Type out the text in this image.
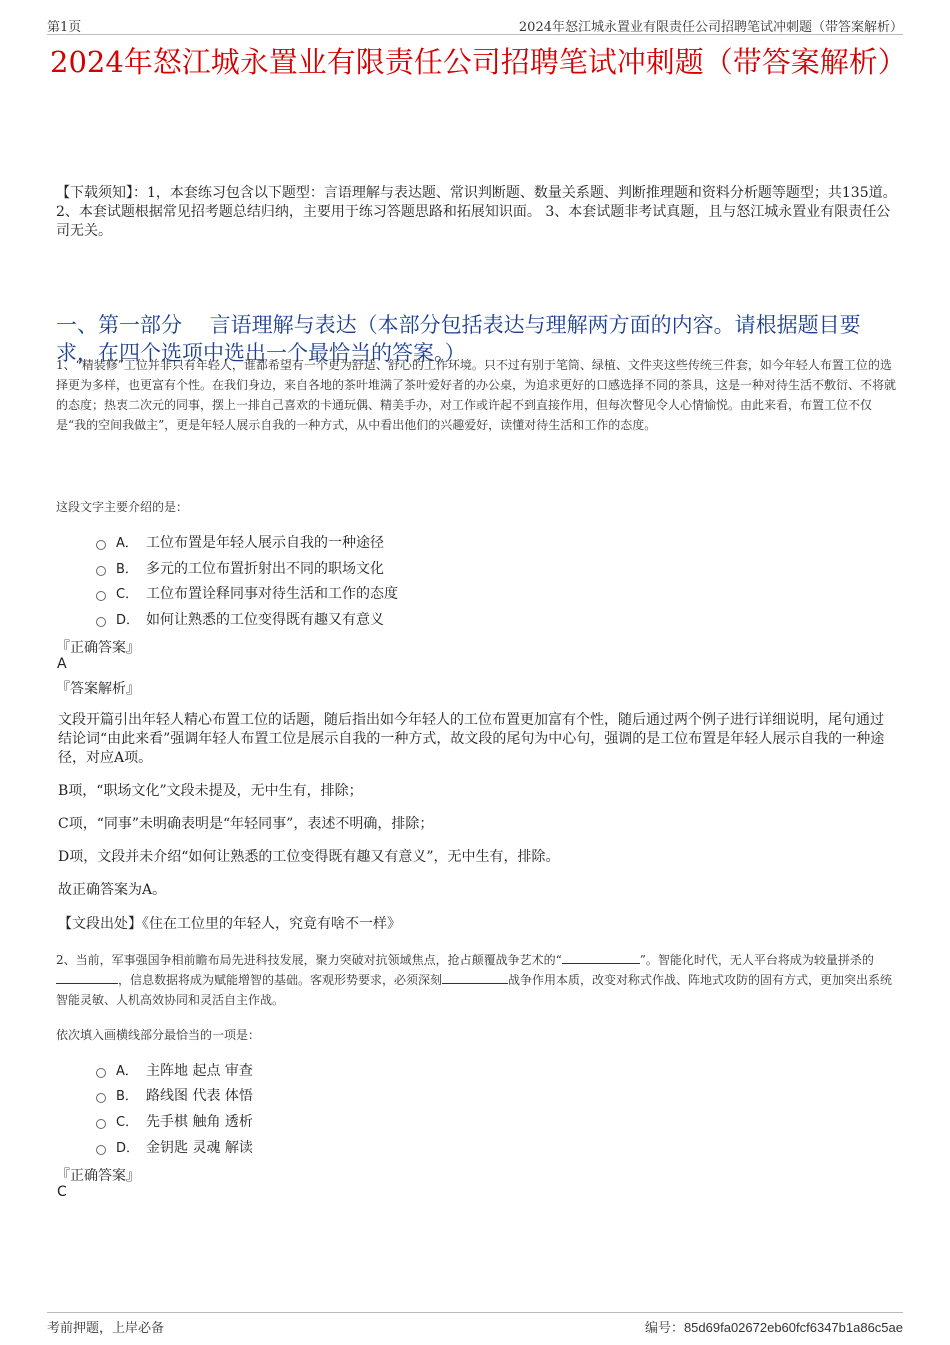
第1页	2024年怒江城永置业有限责任公司招聘笔试冲刺题（带答案解析）
2024年怒江城永置业有限责任公司招聘笔试冲刺题（带答案解析）
【下载须知】：1，本套练习包含以下题型：言语理解与表达题、常识判断题、数量关系题、判断推理题和资料分析题等题型；共135道。 2、本套试题根据常见招考题总结归纳，主要用于练习答题思路和拓展知识面。 3、本套试题非考试真题，且与怒江城永置业有限责任公司无关。
一、第一部分　 言语理解与表达（本部分包括表达与理解两方面的内容。请根据题目要求，在四个选项中选出一个最恰当的答案。）
1、“精装修”工位并非只有年轻人，谁都希望有一个更为舒适、舒心的工作环境。只不过有别于笔筒、绿植、文件夹这些传统三件套，如今年轻人布置工位的选择更为多样，也更富有个性。在我们身边，来自各地的茶叶堆满了茶叶爱好者的办公桌，为追求更好的口感选择不同的茶具，这是一种对待生活不敷衍、不将就的态度；热衷二次元的同事，摆上一排自己喜欢的卡通玩偶、精美手办，对工作或许起不到直接作用，但每次瞥见令人心情愉悦。由此来看，布置工位不仅是“我的空间我做主”，更是年轻人展示自我的一种方式，从中看出他们的兴趣爱好，读懂对待生活和工作的态度。
这段文字主要介绍的是：
A． 工位布置是年轻人展示自我的一种途径
B． 多元的工位布置折射出不同的职场文化
C． 工位布置诠释同事对待生活和工作的态度
D． 如何让熟悉的工位变得既有趣又有意义
『正确答案』
A
『答案解析』
文段开篇引出年轻人精心布置工位的话题，随后指出如今年轻人的工位布置更加富有个性，随后通过两个例子进行详细说明，尾句通过结论词“由此来看”强调年轻人布置工位是展示自我的一种方式，故文段的尾句为中心句，强调的是工位布置是年轻人展示自我的一种途径，对应A项。
B项，“职场文化”文段未提及，无中生有，排除；
C项，“同事”未明确表明是“年轻同事”，表述不明确，排除；
D项，文段并未介绍“如何让熟悉的工位变得既有趣又有意义”，无中生有，排除。
故正确答案为A。
【文段出处】《住在工位里的年轻人，究竟有啥不一样》
2、当前，军事强国争相前瞻布局先进科技发展，聚力突破对抗领域焦点，抢占颠覆战争艺术的“	”。智能化时代，无人平台将成为较量拼杀的，信息数据将成为赋能增智的基础。客观形势要求，必须深刻	战争作用本质，改变对称式作战、阵地式攻防的固有方式，更加突出系统智能灵敏、人机高效协同和灵活自主作战。
依次填入画横线部分最恰当的一项是：
A． 主阵地 起点 审查
B． 路线图 代表 体悟
C． 先手棋 触角 透析
D． 金钥匙 灵魂 解读
『正确答案』
C
考前押题，上岸必备	编号：85d69fa02672eb60fcf6347b1a86c5ae
